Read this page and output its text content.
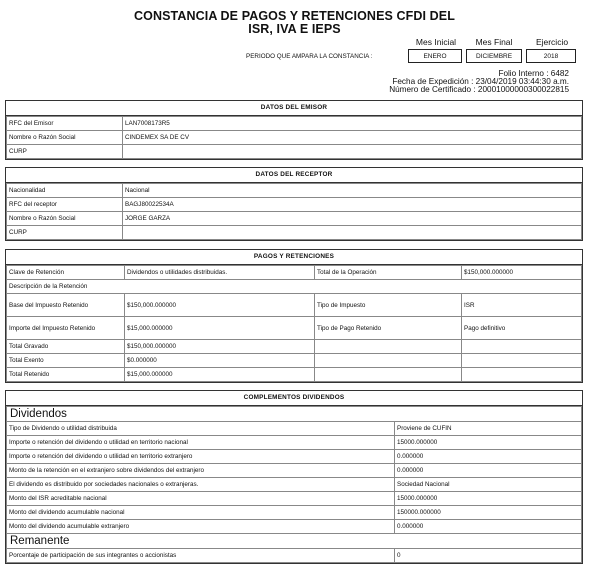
CONSTANCIA DE PAGOS Y RETENCIONES CFDI DEL
ISR, IVA E IEPS
Mes Inicial	Mes Final	Ejercicio
PERIODO QUE AMPARA LA CONSTANCIA :	ENERO	DICIEMBRE	2018
Folio Interno : 6482
Fecha de Expedición : 23/04/2019 03:44:30 a.m.
Número de Certificado : 20001000000300022815
DATOS DEL EMISOR
RFC del Emisor	LAN7008173R5
Nombre o Razón Social	CINDEMEX SA DE CV
CURP	
DATOS DEL RECEPTOR
Nacionalidad	Nacional
RFC del receptor	BAGJ80022534A
Nombre o Razón Social	JORGE GARZA
CURP	
PAGOS Y RETENCIONES
Clave de Retención	Dividendos o utilidades distribuidas.	Total de la Operación	$150,000.000000
Descripción de la Retención			
Base del Impuesto Retenido	$150,000.000000	Tipo de Impuesto	ISR
Importe del Impuesto Retenido	$15,000.000000	Tipo de Pago Retenido	Pago definitivo
Total Gravado	$150,000.000000		
Total Exento	$0.000000		
Total Retenido	$15,000.000000		
COMPLEMENTOS DIVIDENDOS
Dividendos	
Tipo de Dividendo o utilidad distribuida	Proviene de CUFIN
Importe o retención del dividendo o utilidad en territorio nacional	15000.000000
Importe o retención del dividendo o utilidad en territorio extranjero	0.000000
Monto de la retención en el extranjero sobre dividendos del extranjero	0.000000
El dividendo es distribuido por sociedades nacionales o extranjeras.	Sociedad Nacional
Monto del ISR acreditable nacional	15000.000000
Monto del dividendo acumulable nacional	150000.000000
Monto del dividendo acumulable extranjero	0.000000
Remanente	
Porcentaje de participación de sus integrantes o accionistas	0
